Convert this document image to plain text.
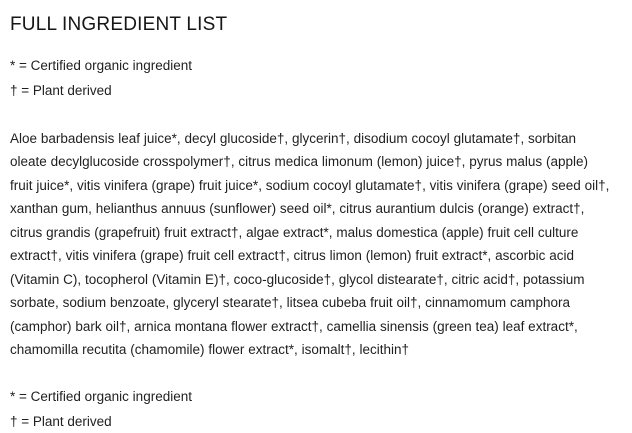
FULL INGREDIENT LIST

* = Certified organic ingredient

† = Plant derived

Aloe barbadensis leaf juice*, decyl glucoside†, glycerin†, disodium cocoyl glutamate†, sorbitan oleate decylglucoside crosspolymer†, citrus medica limonum (lemon) juice†, pyrus malus (apple) fruit juice*, vitis vinifera (grape) fruit juice*, sodium cocoyl glutamate†, vitis vinifera (grape) seed oil†, xanthan gum, helianthus annuus (sunflower) seed oil*, citrus aurantium dulcis (orange) extract†, citrus grandis (grapefruit) fruit extract†, algae extract*, malus domestica (apple) fruit cell culture extract†, vitis vinifera (grape) fruit cell extract†, citrus limon (lemon) fruit extract*, ascorbic acid (Vitamin C), tocopherol (Vitamin E)†, coco-glucoside†, glycol distearate†, citric acid†, potassium sorbate, sodium benzoate, glyceryl stearate†, litsea cubeba fruit oil†, cinnamomum camphora (camphor) bark oil†, arnica montana flower extract†, camellia sinensis (green tea) leaf extract*, chamomilla recutita (chamomile) flower extract*, isomalt†, lecithin†

* = Certified organic ingredient

† = Plant derived
